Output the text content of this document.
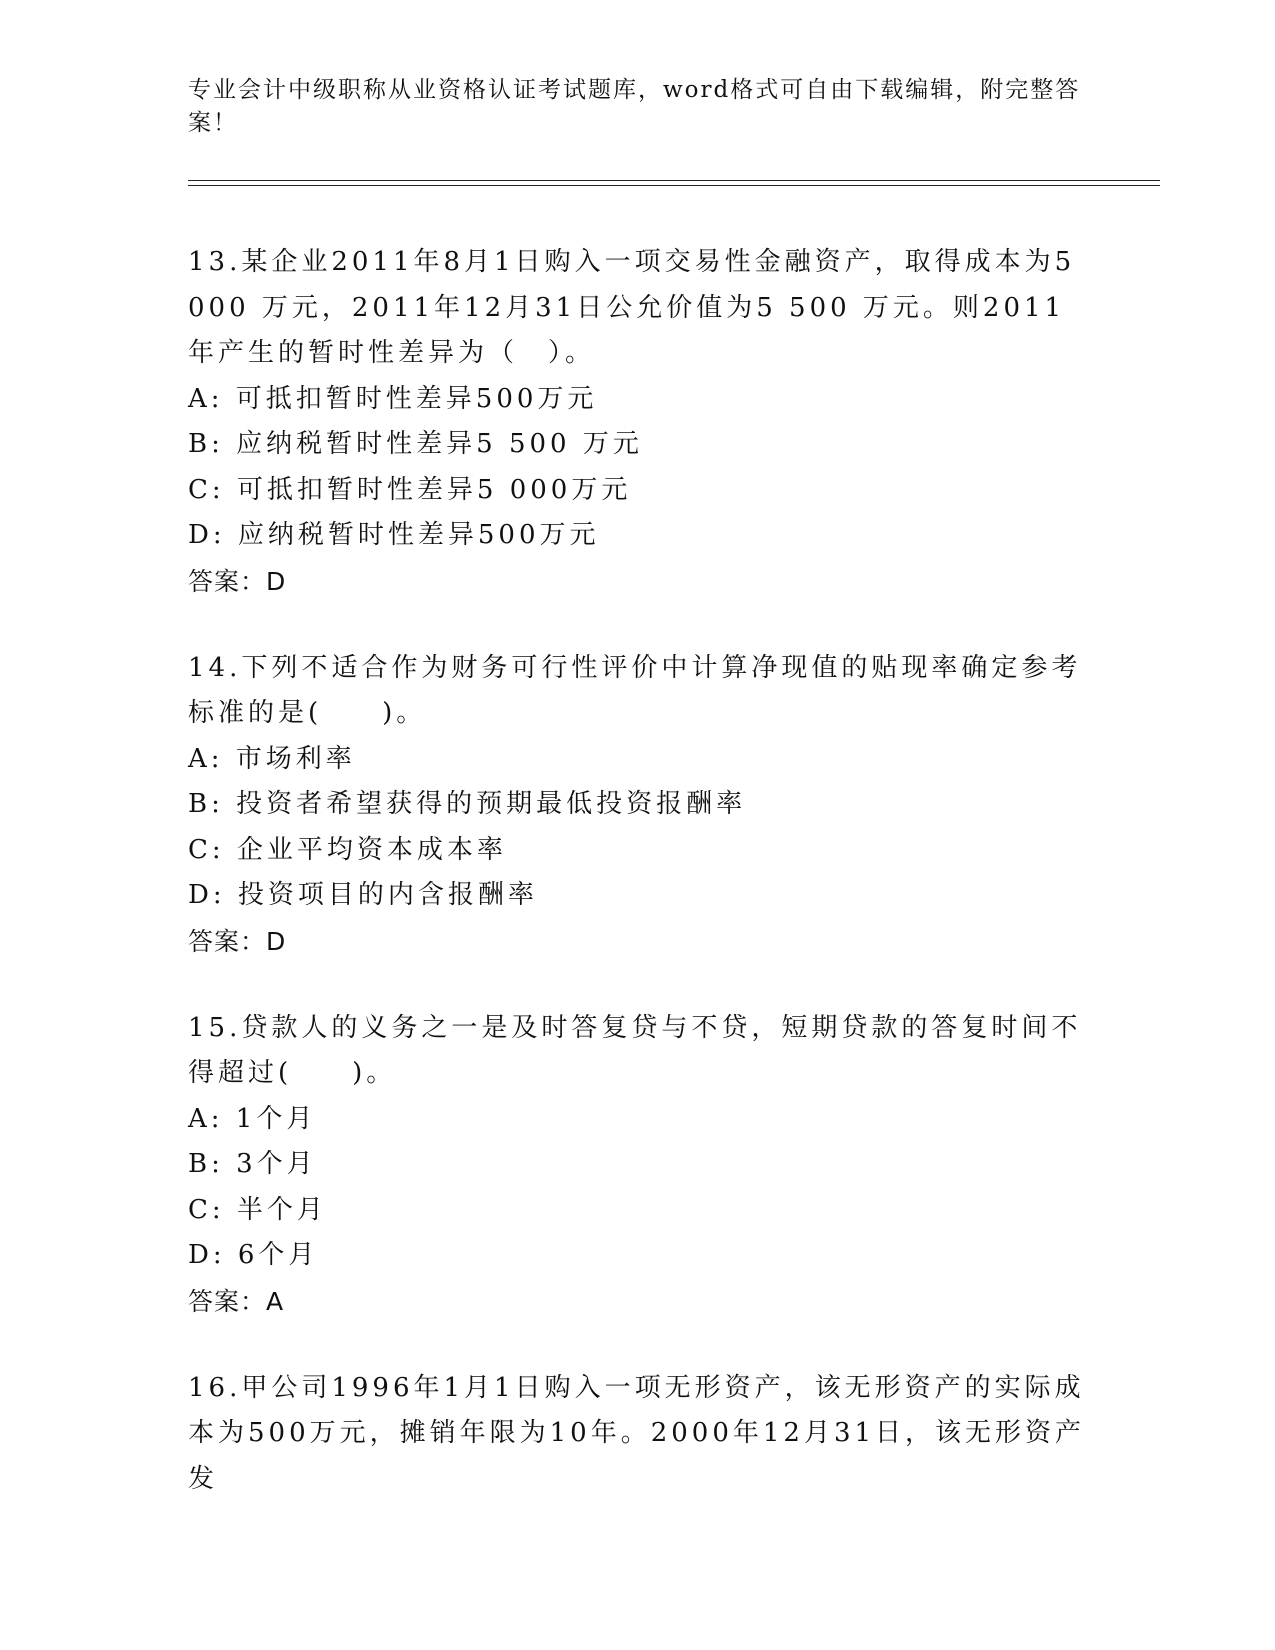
专业会计中级职称从业资格认证考试题库，word格式可自由下载编辑，附完整答案！

13.某企业2011年8月1日购入一项交易性金融资产，取得成本为5 000 万元，2011年12月31日公允价值为5 500 万元。则2011年产生的暂时性差异为（　）。

A: 可抵扣暂时性差异500万元

B: 应纳税暂时性差异5 500 万元

C: 可抵扣暂时性差异5 000万元

D: 应纳税暂时性差异500万元

答案：D

14.下列不适合作为财务可行性评价中计算净现值的贴现率确定参考标准的是(　　)。

A: 市场利率

B: 投资者希望获得的预期最低投资报酬率

C: 企业平均资本成本率

D: 投资项目的内含报酬率

答案：D

15.贷款人的义务之一是及时答复贷与不贷，短期贷款的答复时间不得超过(　　)。

A: 1个月

B: 3个月

C: 半个月

D: 6个月

答案：A

16.甲公司1996年1月1日购入一项无形资产，该无形资产的实际成本为500万元，摊销年限为10年。2000年12月31日，该无形资产发
